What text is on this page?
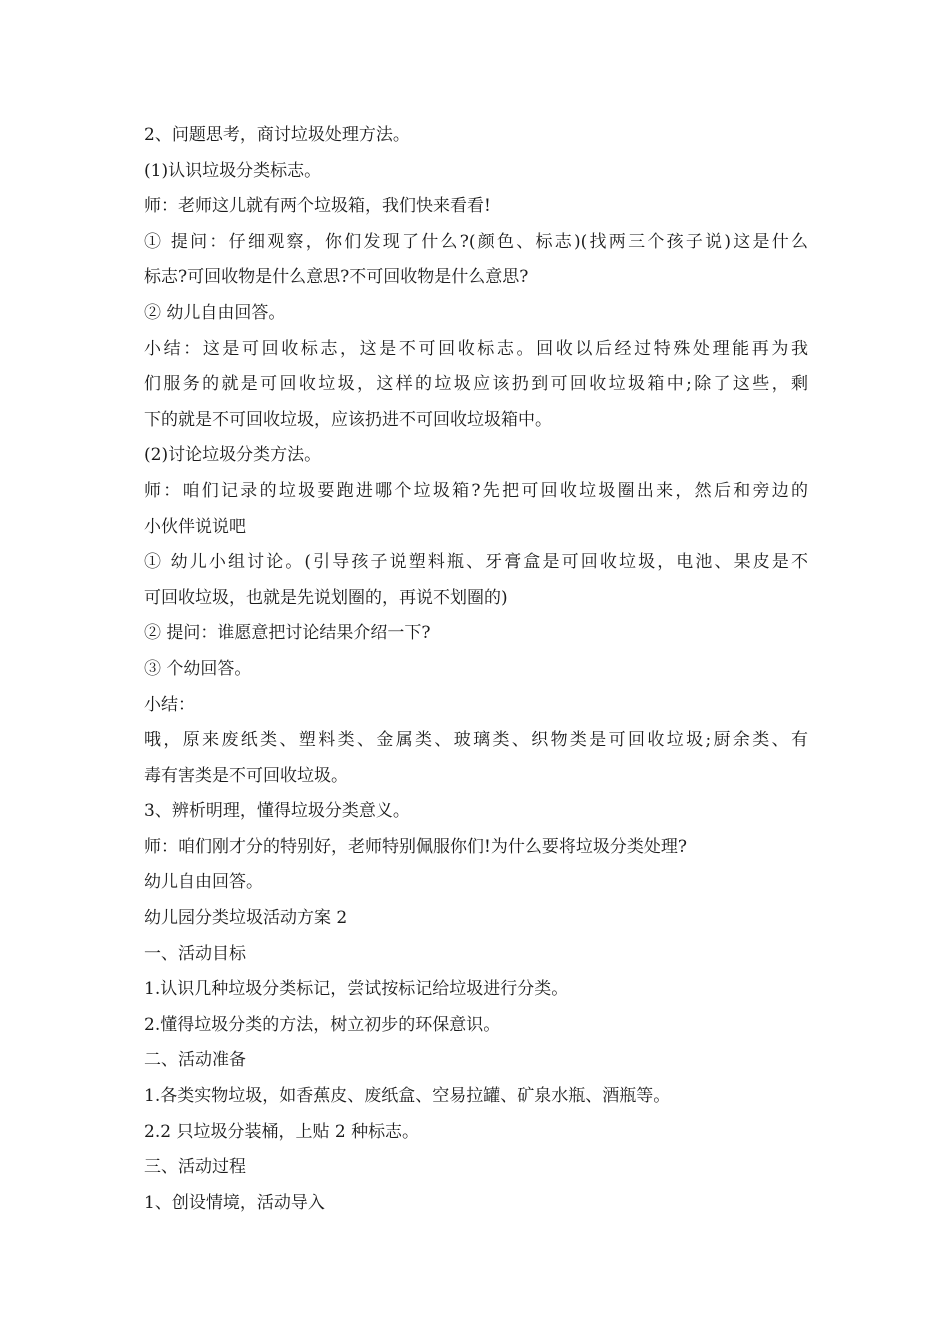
2、问题思考，商讨垃圾处理方法。

(1)认识垃圾分类标志。

师：老师这儿就有两个垃圾箱，我们快来看看!

① 提问：仔细观察，你们发现了什么?(颜色、标志)(找两三个孩子说)这是什么

标志?可回收物是什么意思?不可回收物是什么意思?

② 幼儿自由回答。

小结：这是可回收标志，这是不可回收标志。回收以后经过特殊处理能再为我

们服务的就是可回收垃圾，这样的垃圾应该扔到可回收垃圾箱中;除了这些，剩

下的就是不可回收垃圾，应该扔进不可回收垃圾箱中。

(2)讨论垃圾分类方法。

师：咱们记录的垃圾要跑进哪个垃圾箱?先把可回收垃圾圈出来，然后和旁边的

小伙伴说说吧

① 幼儿小组讨论。(引导孩子说塑料瓶、牙膏盒是可回收垃圾，电池、果皮是不

可回收垃圾，也就是先说划圈的，再说不划圈的)

② 提问：谁愿意把讨论结果介绍一下?

③ 个幼回答。

小结：

哦，原来废纸类、塑料类、金属类、玻璃类、织物类是可回收垃圾;厨余类、有

毒有害类是不可回收垃圾。

3、辨析明理，懂得垃圾分类意义。

师：咱们刚才分的特别好，老师特别佩服你们!为什么要将垃圾分类处理?

幼儿自由回答。

幼儿园分类垃圾活动方案 2

一、活动目标

1.认识几种垃圾分类标记，尝试按标记给垃圾进行分类。

2.懂得垃圾分类的方法，树立初步的环保意识。

二、活动准备

1.各类实物垃圾，如香蕉皮、废纸盒、空易拉罐、矿泉水瓶、酒瓶等。

2.2 只垃圾分装桶，上贴 2 种标志。

三、活动过程

1、创设情境，活动导入
